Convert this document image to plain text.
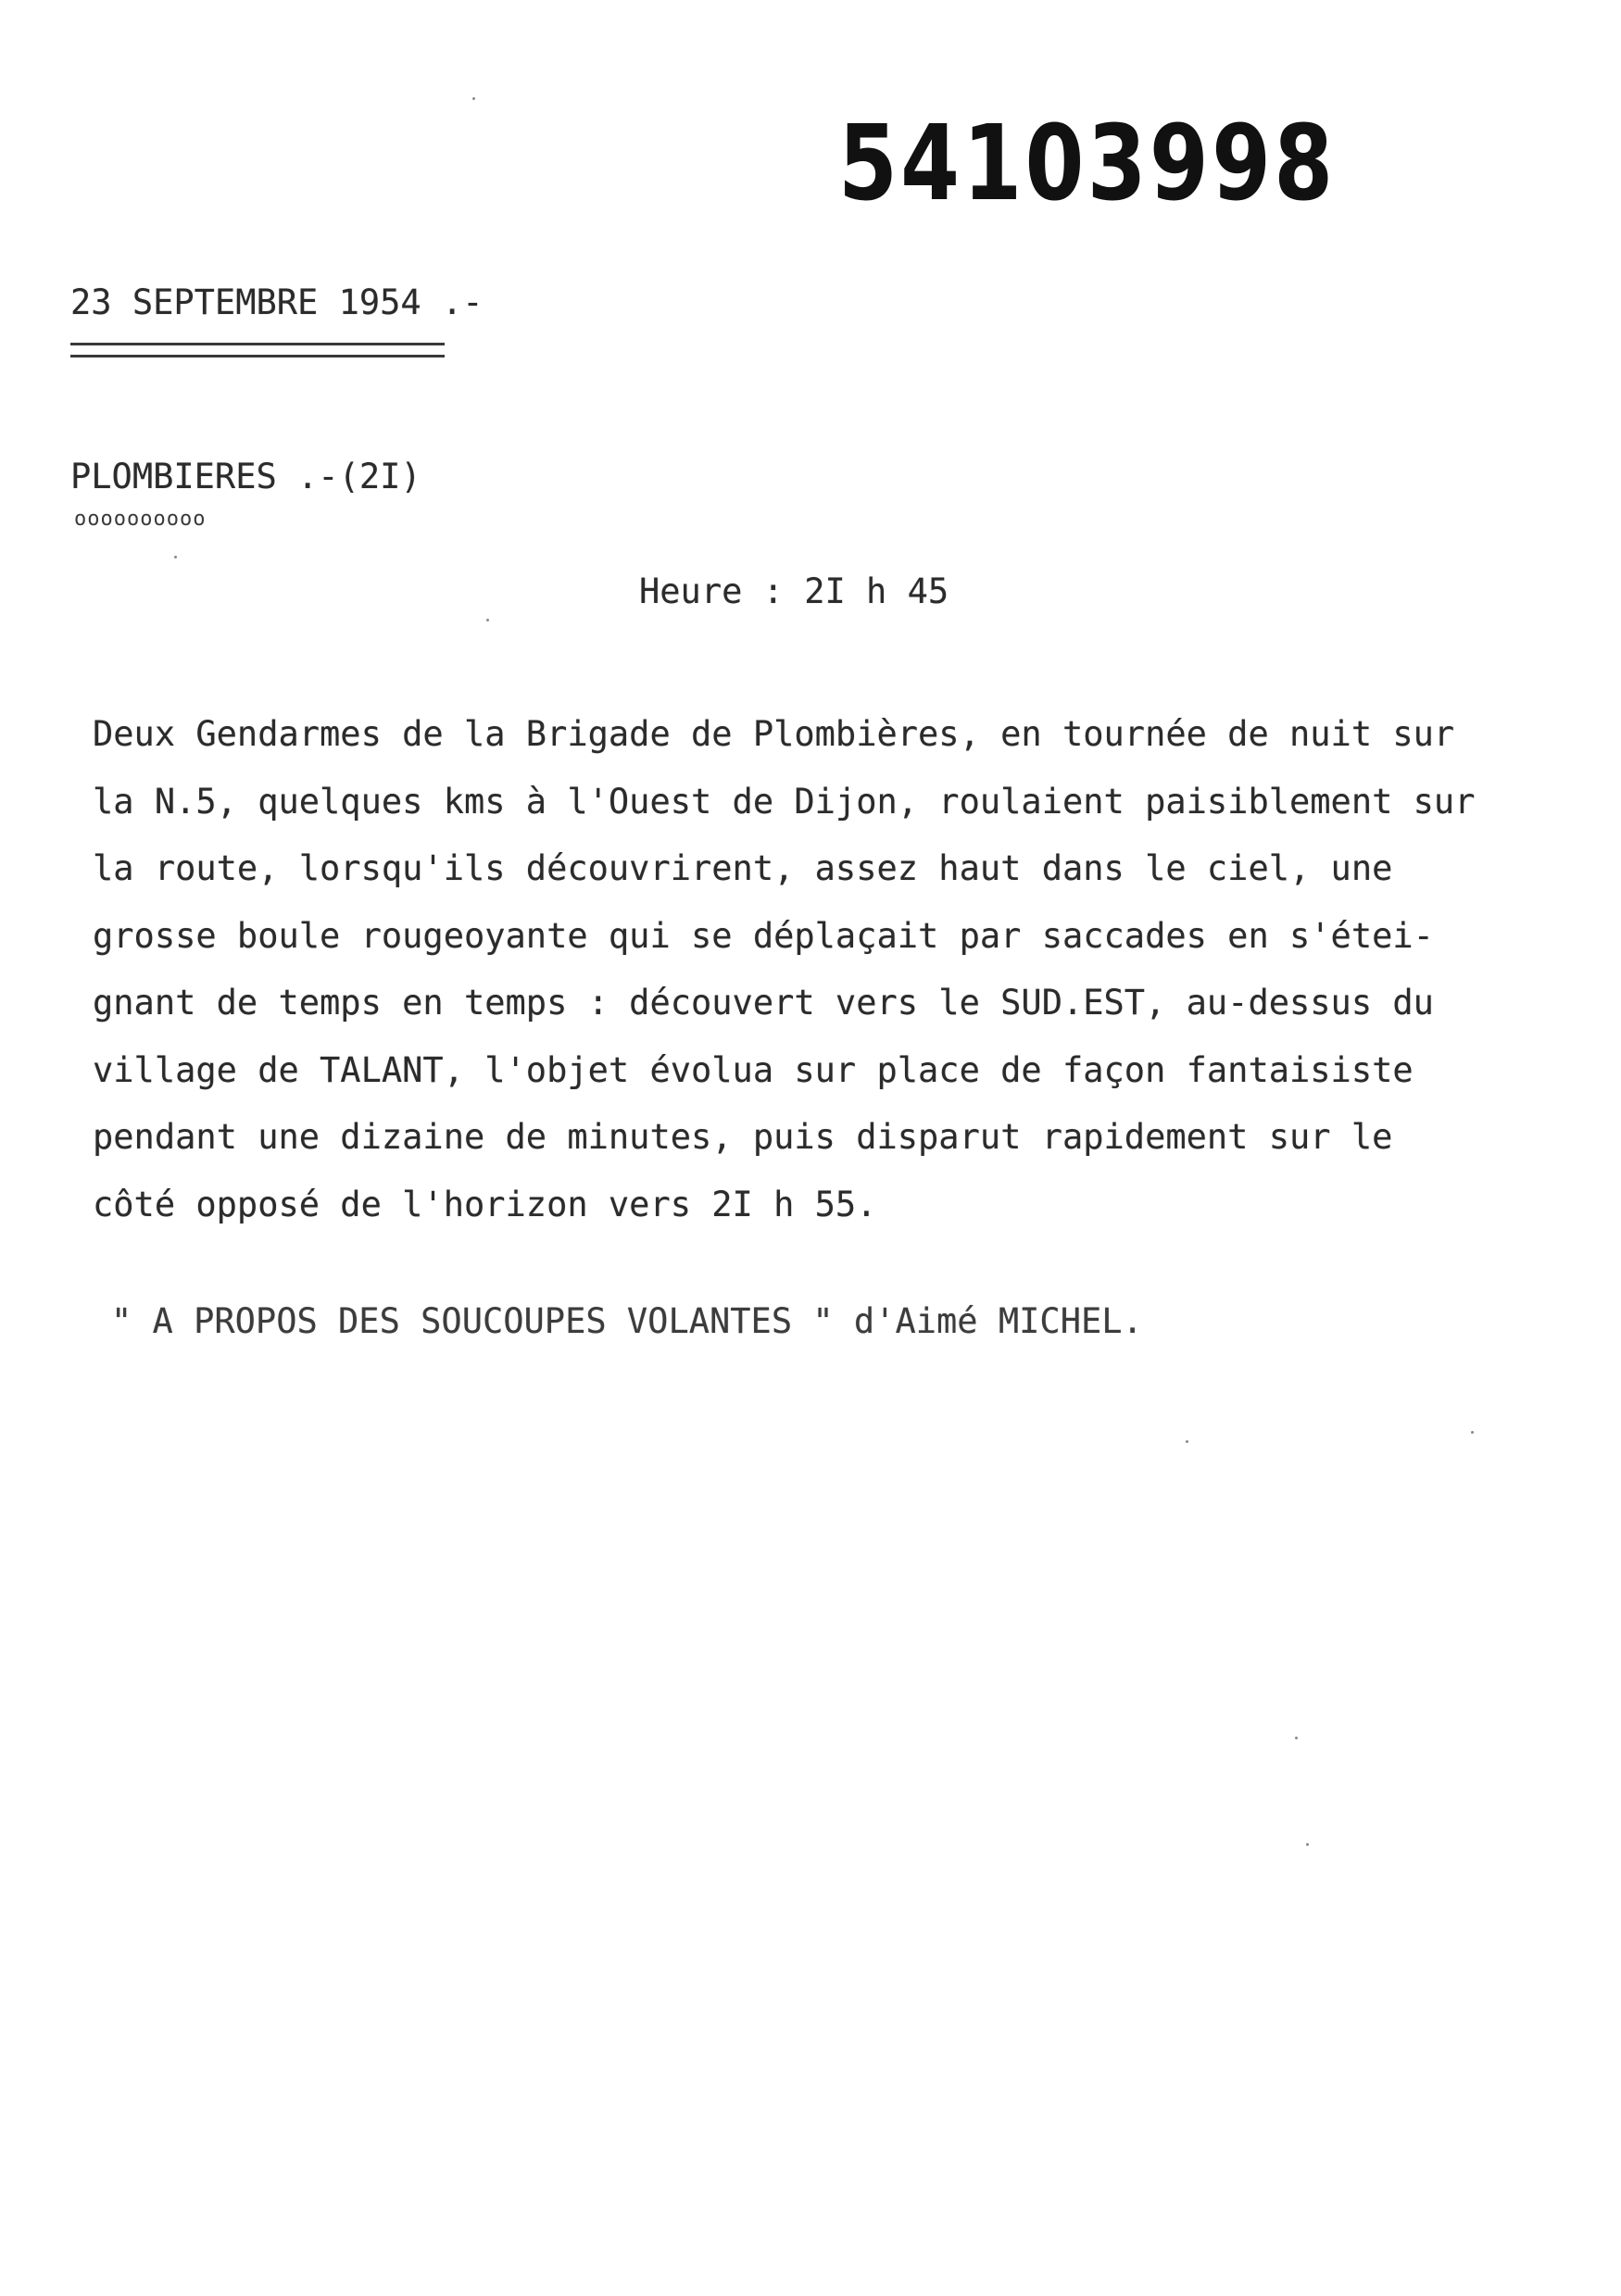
54103998
23 SEPTEMBRE 1954 .-
PLOMBIERES .-(2I)
oooooooooo
Heure : 2I h 45
Deux Gendarmes de la Brigade de Plombières, en tournée de nuit sur
la N.5, quelques kms à l'Ouest de Dijon, roulaient paisiblement sur
la route, lorsqu'ils découvrirent, assez haut dans le ciel, une
grosse boule rougeoyante qui se déplaçait par saccades en s'étei-
gnant de temps en temps : découvert vers le SUD.EST, au-dessus du
village de TALANT, l'objet évolua sur place de façon fantaisiste
pendant une dizaine de minutes, puis disparut rapidement sur le
côté opposé de l'horizon vers 2I h 55.
" A PROPOS DES SOUCOUPES VOLANTES " d'Aimé MICHEL.
